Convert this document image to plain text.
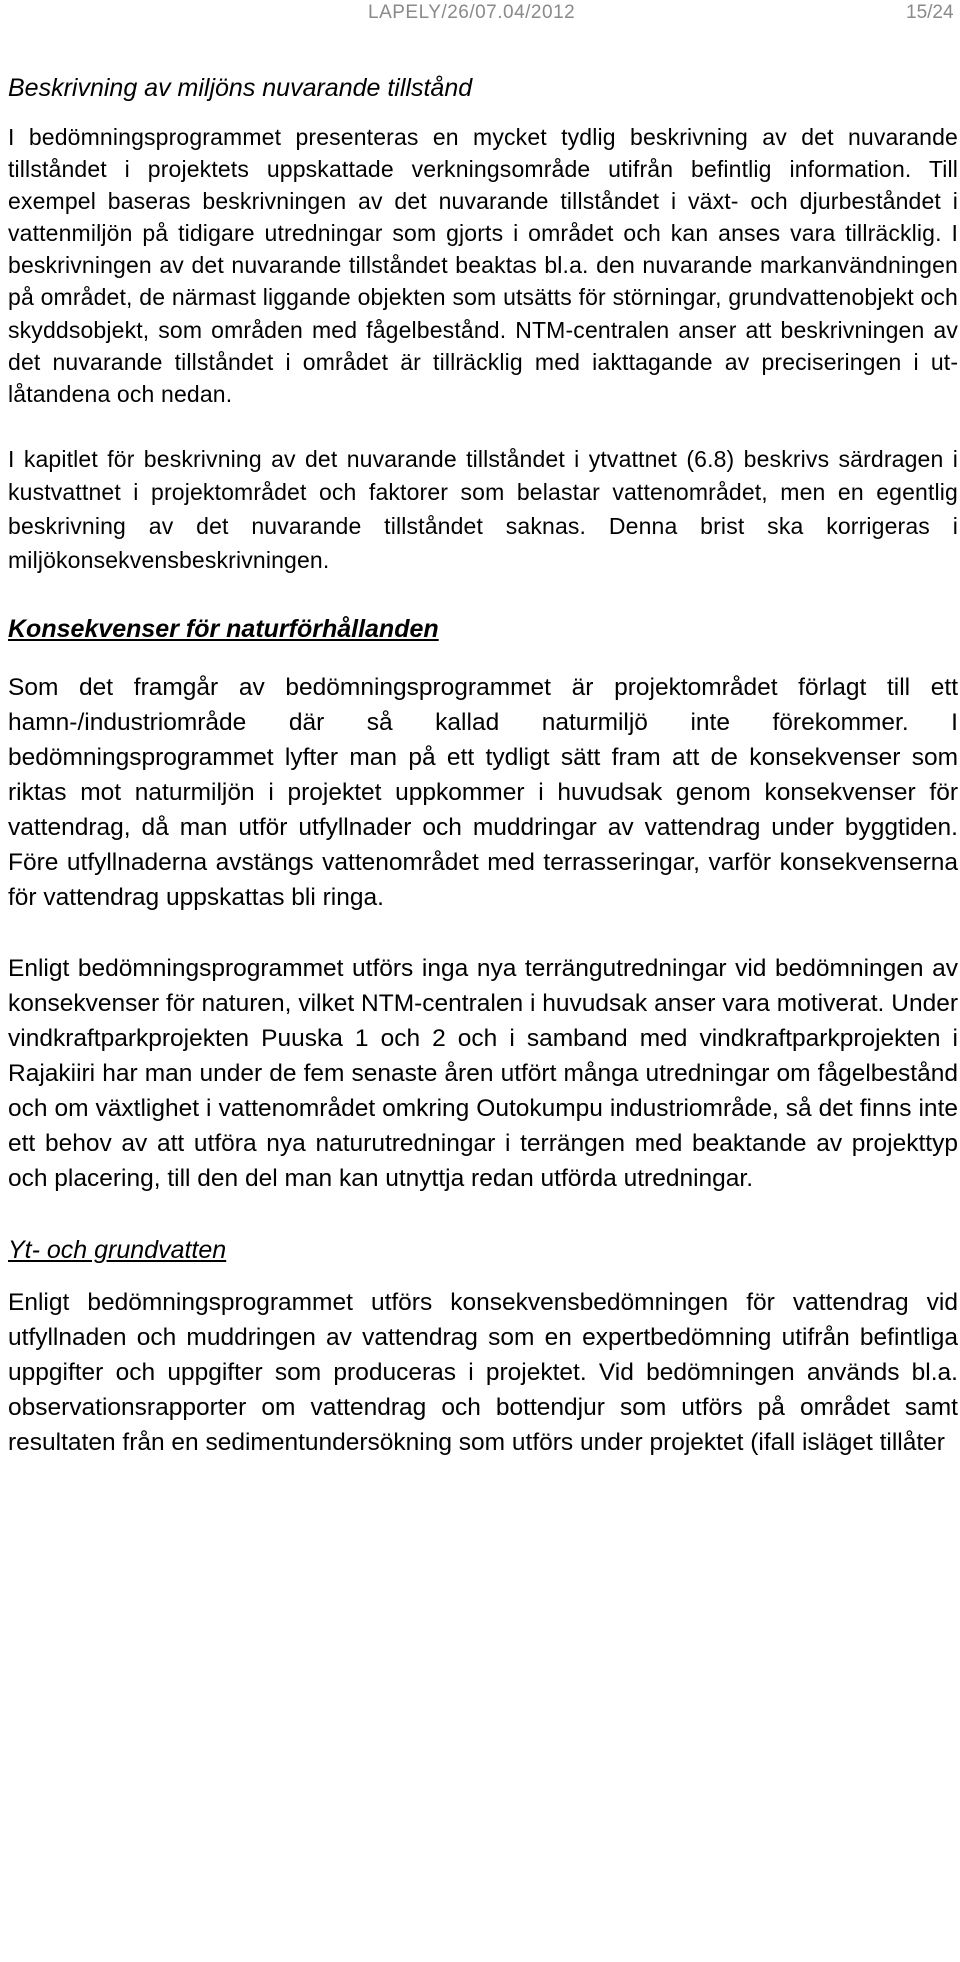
LAPELY/26/07.04/2012	15/24
Beskrivning av miljöns nuvarande tillstånd

I bedömningsprogrammet presenteras en mycket tydlig beskrivning av det nuvarande tillståndet i projektets uppskattade verkningsområde utifrån befintlig information. Till exempel baseras beskrivningen av det nuvarande tillståndet i växt- och djurbeståndet i vattenmiljön på tidigare utredningar som gjorts i området och kan anses vara tillräcklig. I beskrivningen av det nuvarande tillståndet beaktas bl.a. den nuvarande markanvändningen på området, de närmast liggande objekten som utsätts för störningar, grundvattenobjekt och skyddsobjekt, som områden med fågelbestånd. NTM-centralen anser att beskrivningen av det nuvarande tillståndet i området är tillräcklig med iakttagande av preciseringen i utlåtandena och nedan.

I kapitlet för beskrivning av det nuvarande tillståndet i ytvattnet (6.8) beskrivs särdragen i kustvattnet i projektområdet och faktorer som belastar vattenområdet, men en egentlig beskrivning av det nuvarande tillståndet saknas. Denna brist ska korrigeras i miljökonsekvensbeskrivningen.

Konsekvenser för naturförhållanden

Som det framgår av bedömningsprogrammet är projektområdet förlagt till ett hamn-/industriområde där så kallad naturmiljö inte förekommer. I bedömningsprogrammet lyfter man på ett tydligt sätt fram att de konsekvenser som riktas mot naturmiljön i projektet uppkommer i huvudsak genom konsekvenser för vattendrag, då man utför utfyllnader och muddringar av vattendrag under byggtiden. Före utfyllnaderna avstängs vattenområdet med terrasseringar, varför konsekvenserna för vattendrag uppskattas bli ringa.

Enligt bedömningsprogrammet utförs inga nya terrängutredningar vid bedömningen av konsekvenser för naturen, vilket NTM-centralen i huvudsak anser vara motiverat. Under vindkraftparkprojekten Puuska 1 och 2 och i samband med vindkraftparkprojekten i Rajakiiri har man under de fem senaste åren utfört många utredningar om fågelbestånd och om växtlighet i vattenområdet omkring Outokumpu industriområde, så det finns inte ett behov av att utföra nya naturutredningar i terrängen med beaktande av projekttyp och placering, till den del man kan utnyttja redan utförda utredningar.

Yt- och grundvatten

Enligt bedömningsprogrammet utförs konsekvensbedömningen för vattendrag vid utfyllnaden och muddringen av vattendrag som en expertbedömning utifrån befintliga uppgifter och uppgifter som produceras i projektet. Vid bedömningen används bl.a. observationsrapporter om vattendrag och bottendjur som utförs på området samt resultaten från en sedimentundersökning som utförs under projektet (ifall isläget tillåter
